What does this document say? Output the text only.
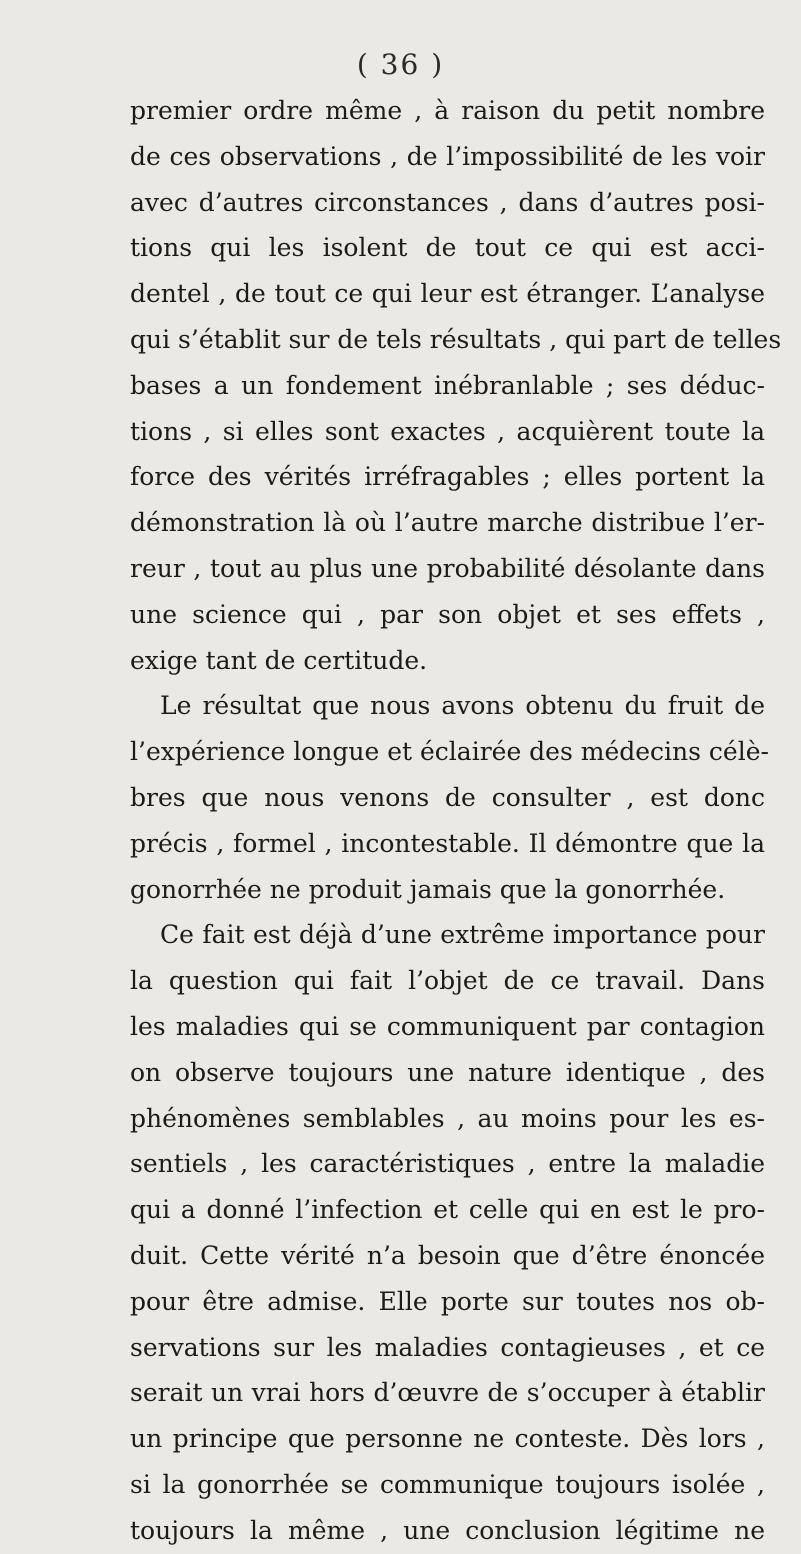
( 36 )
premier ordre même , à raison du petit nombre
de ces observations , de l’impossibilité de les voir
avec d’autres circonstances , dans d’autres posi-
tions qui les isolent de tout ce qui est acci-
dentel , de tout ce qui leur est étranger. L’analyse
qui s’établit sur de tels résultats , qui part de telles
bases a un fondement inébranlable ; ses déduc-
tions , si elles sont exactes , acquièrent toute la
force des vérités irréfragables ; elles portent la
démonstration là où l’autre marche distribue l’er-
reur , tout au plus une probabilité désolante dans
une science qui , par son objet et ses effets ,
exige tant de certitude.
Le résultat que nous avons obtenu du fruit de
l’expérience longue et éclairée des médecins célè-
bres que nous venons de consulter , est donc
précis , formel , incontestable. Il démontre que la
gonorrhée ne produit jamais que la gonorrhée.
Ce fait est déjà d’une extrême importance pour
la question qui fait l’objet de ce travail. Dans
les maladies qui se communiquent par contagion
on observe toujours une nature identique , des
phénomènes semblables , au moins pour les es-
sentiels , les caractéristiques , entre la maladie
qui a donné l’infection et celle qui en est le pro-
duit. Cette vérité n’a besoin que d’être énoncée
pour être admise. Elle porte sur toutes nos ob-
servations sur les maladies contagieuses , et ce
serait un vrai hors d’œuvre de s’occuper à établir
un principe que personne ne conteste. Dès lors ,
si la gonorrhée se communique toujours isolée ,
toujours la même , une conclusion légitime ne
